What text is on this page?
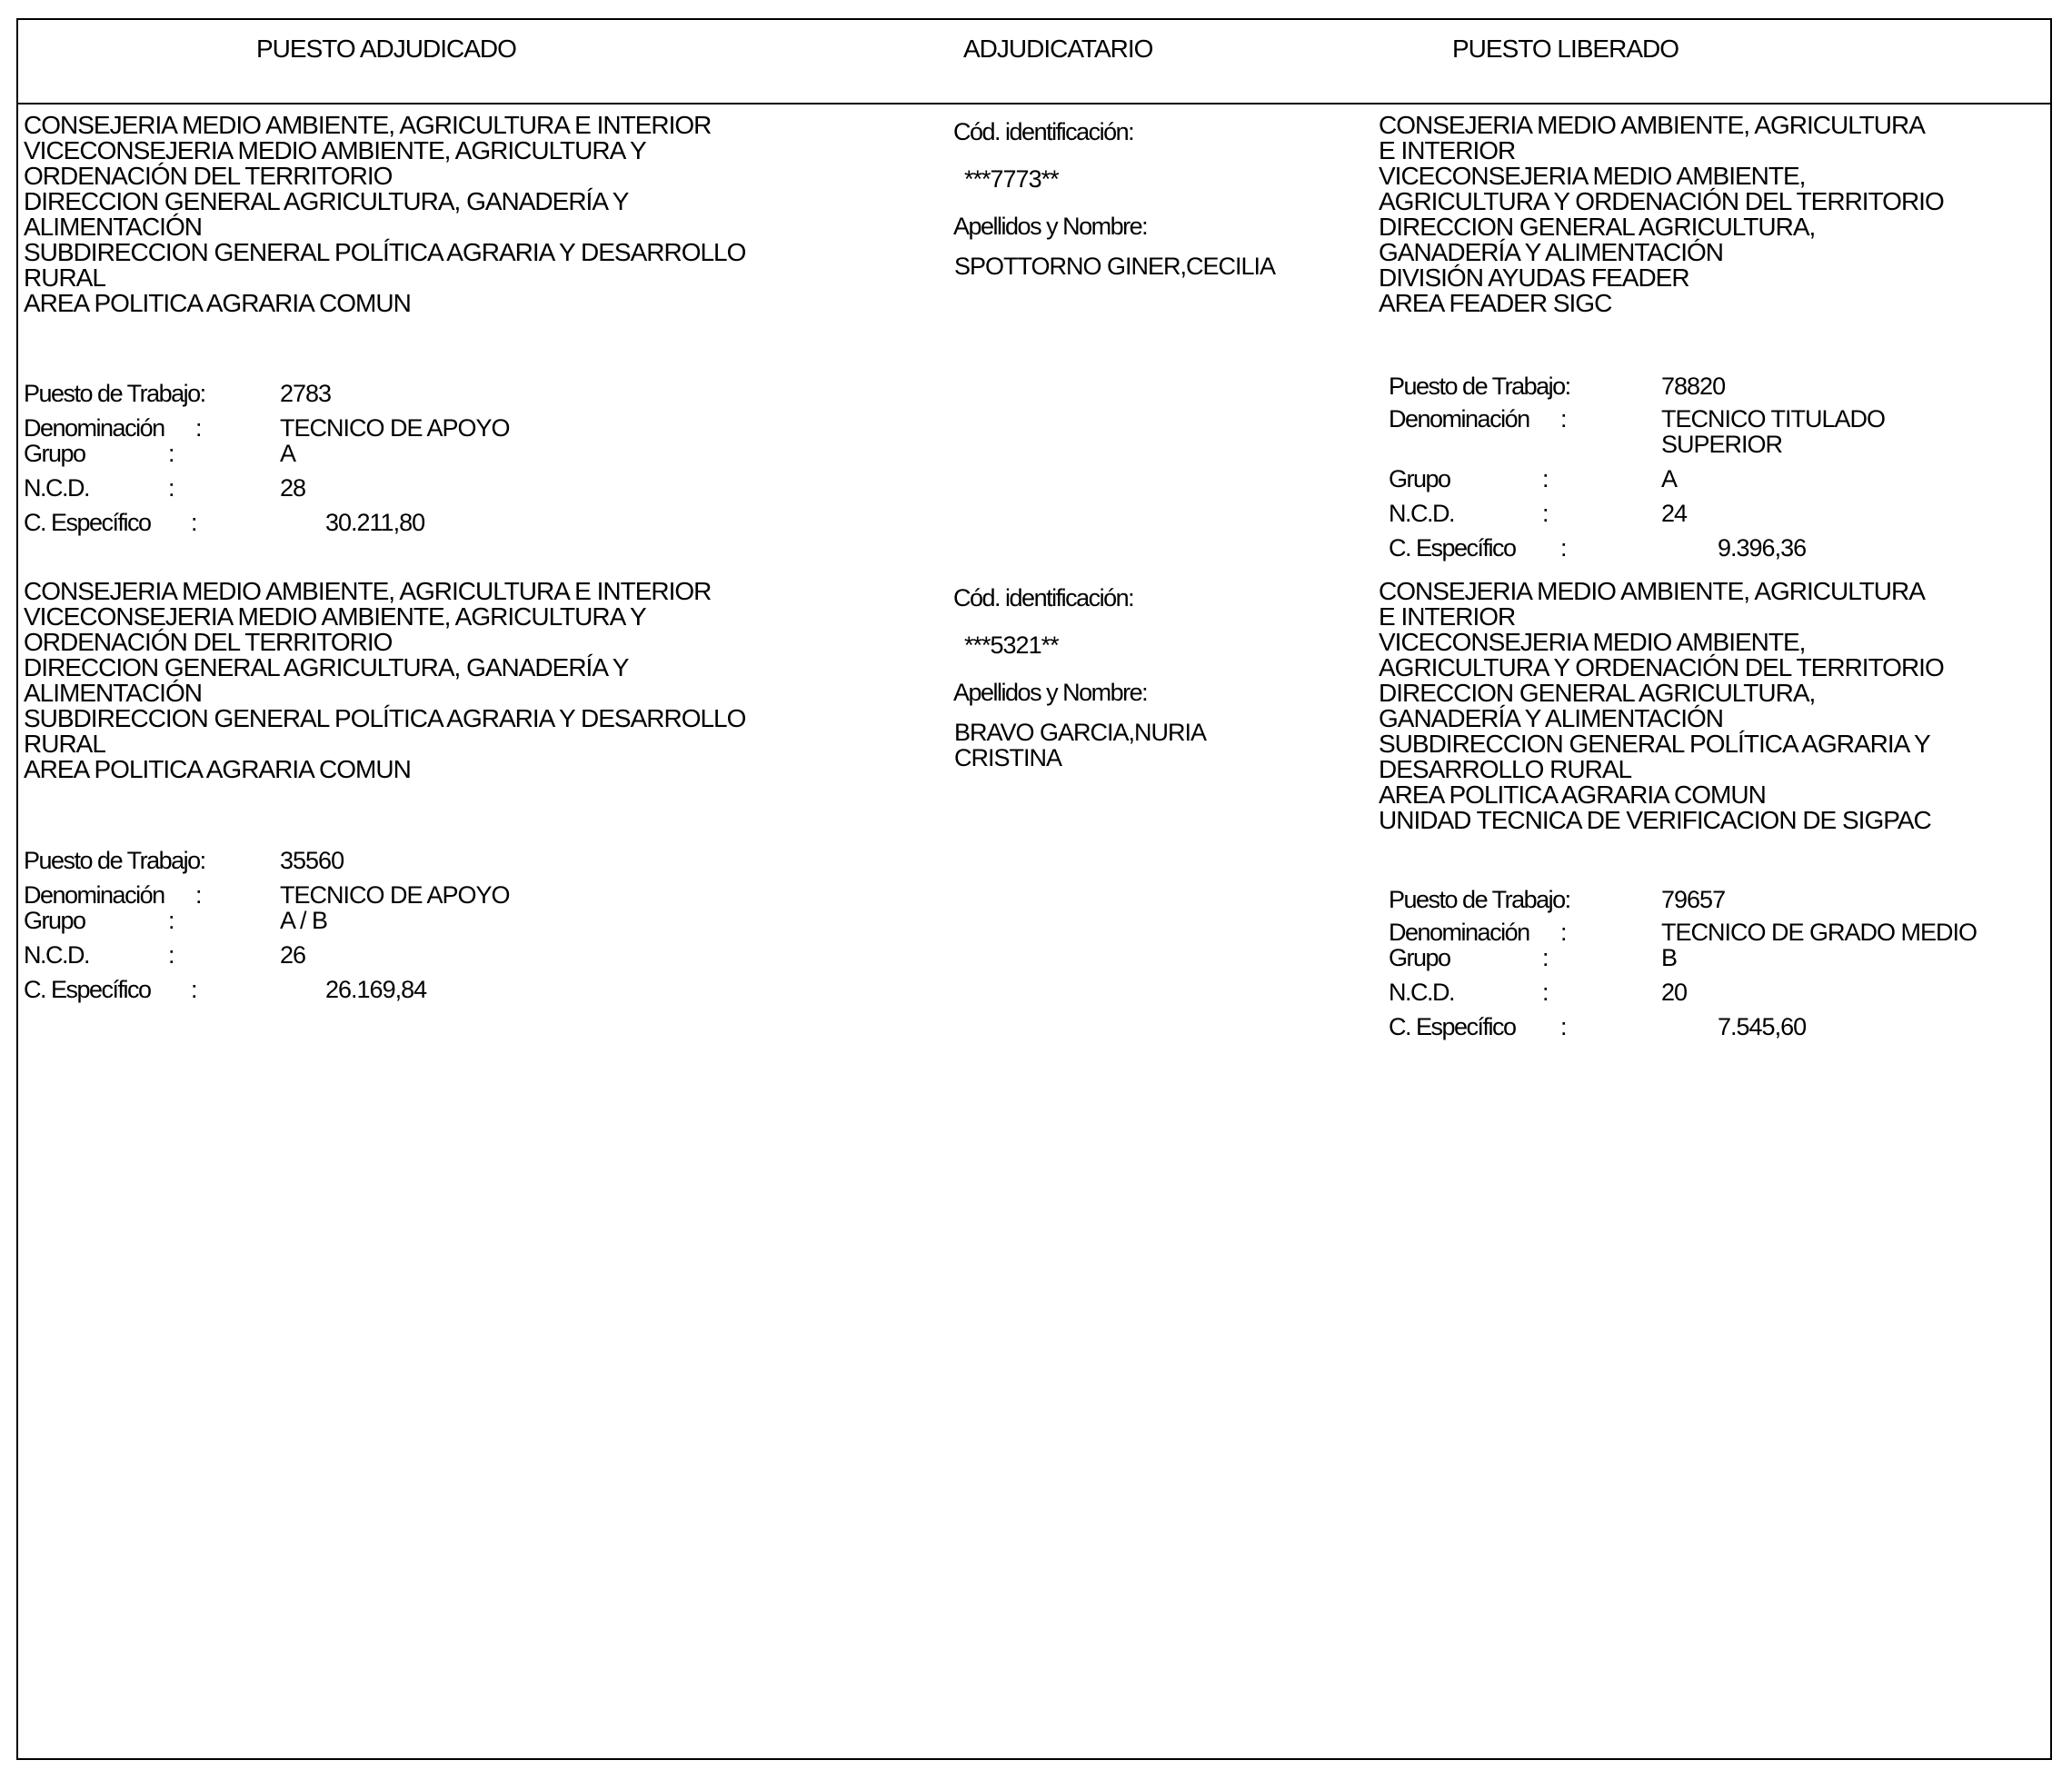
PUESTO ADJUDICADO	ADJUDICATARIO	PUESTO LIBERADO
CONSEJERIA MEDIO AMBIENTE, AGRICULTURA E INTERIOR
VICECONSEJERIA MEDIO AMBIENTE, AGRICULTURA Y
ORDENACIÓN DEL TERRITORIO
DIRECCION GENERAL AGRICULTURA, GANADERÍA Y
ALIMENTACIÓN
SUBDIRECCION GENERAL POLÍTICA AGRARIA Y DESARROLLO
RURAL
AREA POLITICA AGRARIA COMUN
Puesto de Trabajo:	2783
Denominación :	TECNICO DE APOYO
Grupo	:	A
N.C.D.	:	28
C. Específico :	30.211,80
Cód. identificación:
***7773**
Apellidos y Nombre:
SPOTTORNO GINER,CECILIA
CONSEJERIA MEDIO AMBIENTE, AGRICULTURA
E INTERIOR
VICECONSEJERIA MEDIO AMBIENTE,
AGRICULTURA Y ORDENACIÓN DEL TERRITORIO
DIRECCION GENERAL AGRICULTURA,
GANADERÍA Y ALIMENTACIÓN
DIVISIÓN AYUDAS FEADER
AREA FEADER SIGC
Puesto de Trabajo:	78820
Denominación :	TECNICO TITULADO
SUPERIOR
Grupo	:	A
N.C.D.	:	24
C. Específico :	9.396,36
CONSEJERIA MEDIO AMBIENTE, AGRICULTURA E INTERIOR
VICECONSEJERIA MEDIO AMBIENTE, AGRICULTURA Y
ORDENACIÓN DEL TERRITORIO
DIRECCION GENERAL AGRICULTURA, GANADERÍA Y
ALIMENTACIÓN
SUBDIRECCION GENERAL POLÍTICA AGRARIA Y DESARROLLO
RURAL
AREA POLITICA AGRARIA COMUN
Puesto de Trabajo:	35560
Denominación :	TECNICO DE APOYO
Grupo	:	A / B
N.C.D.	:	26
C. Específico :	26.169,84
Cód. identificación:
***5321**
Apellidos y Nombre:
BRAVO GARCIA,NURIA
CRISTINA
CONSEJERIA MEDIO AMBIENTE, AGRICULTURA
E INTERIOR
VICECONSEJERIA MEDIO AMBIENTE,
AGRICULTURA Y ORDENACIÓN DEL TERRITORIO
DIRECCION GENERAL AGRICULTURA,
GANADERÍA Y ALIMENTACIÓN
SUBDIRECCION GENERAL POLÍTICA AGRARIA Y
DESARROLLO RURAL
AREA POLITICA AGRARIA COMUN
UNIDAD TECNICA DE VERIFICACION DE SIGPAC
Puesto de Trabajo:	79657
Denominación :	TECNICO DE GRADO MEDIO
Grupo	:	B
N.C.D.	:	20
C. Específico :	7.545,60
